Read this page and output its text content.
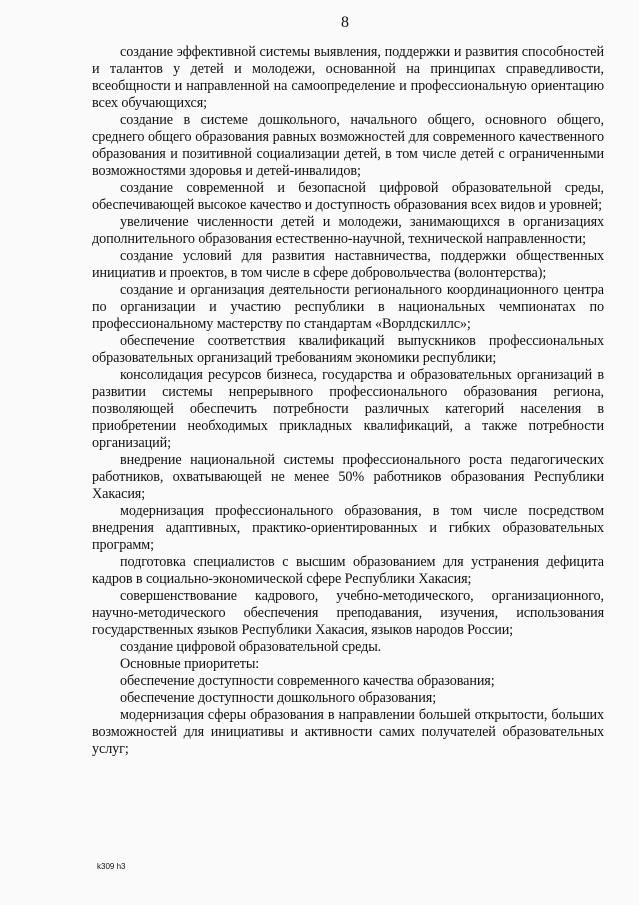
8

создание эффективной системы выявления, поддержки и развития способностей и талантов у детей и молодежи, основанной на принципах справедливости, всеобщности и направленной на самоопределение и профессиональную ориентацию всех обучающихся;

создание в системе дошкольного, начального общего, основного общего, среднего общего образования равных возможностей для современного качественного образования и позитивной социализации детей, в том числе детей с ограниченными возможностями здоровья и детей-инвалидов;

создание современной и безопасной цифровой образовательной среды, обеспечивающей высокое качество и доступность образования всех видов и уровней;

увеличение численности детей и молодежи, занимающихся в организациях дополнительного образования естественно-научной, технической направленности;

создание условий для развития наставничества, поддержки общественных инициатив и проектов, в том числе в сфере добровольчества (волонтерства);

создание и организация деятельности регионального координационного центра по организации и участию республики в национальных чемпионатах по профессиональному мастерству по стандартам «Ворлдскиллс»;

обеспечение соответствия квалификаций выпускников профессиональных образовательных организаций требованиям экономики республики;

консолидация ресурсов бизнеса, государства и образовательных организаций в развитии системы непрерывного профессионального образования региона, позволяющей обеспечить потребности различных категорий населения в приобретении необходимых прикладных квалификаций, а также потребности организаций;

внедрение национальной системы профессионального роста педагогических работников, охватывающей не менее 50% работников образования Республики Хакасия;

модернизация профессионального образования, в том числе посредством внедрения адаптивных, практико-ориентированных и гибких образовательных программ;

подготовка специалистов с высшим образованием для устранения дефицита кадров в социально-экономической сфере Республики Хакасия;

совершенствование кадрового, учебно-методического, организационного, научно-методического обеспечения преподавания, изучения, использования государственных языков Республики Хакасия, языков народов России;

создание цифровой образовательной среды.

Основные приоритеты:

обеспечение доступности современного качества образования;

обеспечение доступности дошкольного образования;

модернизация сферы образования в направлении большей открытости, больших возможностей для инициативы и активности самих получателей образовательных услуг;

k309 h3
